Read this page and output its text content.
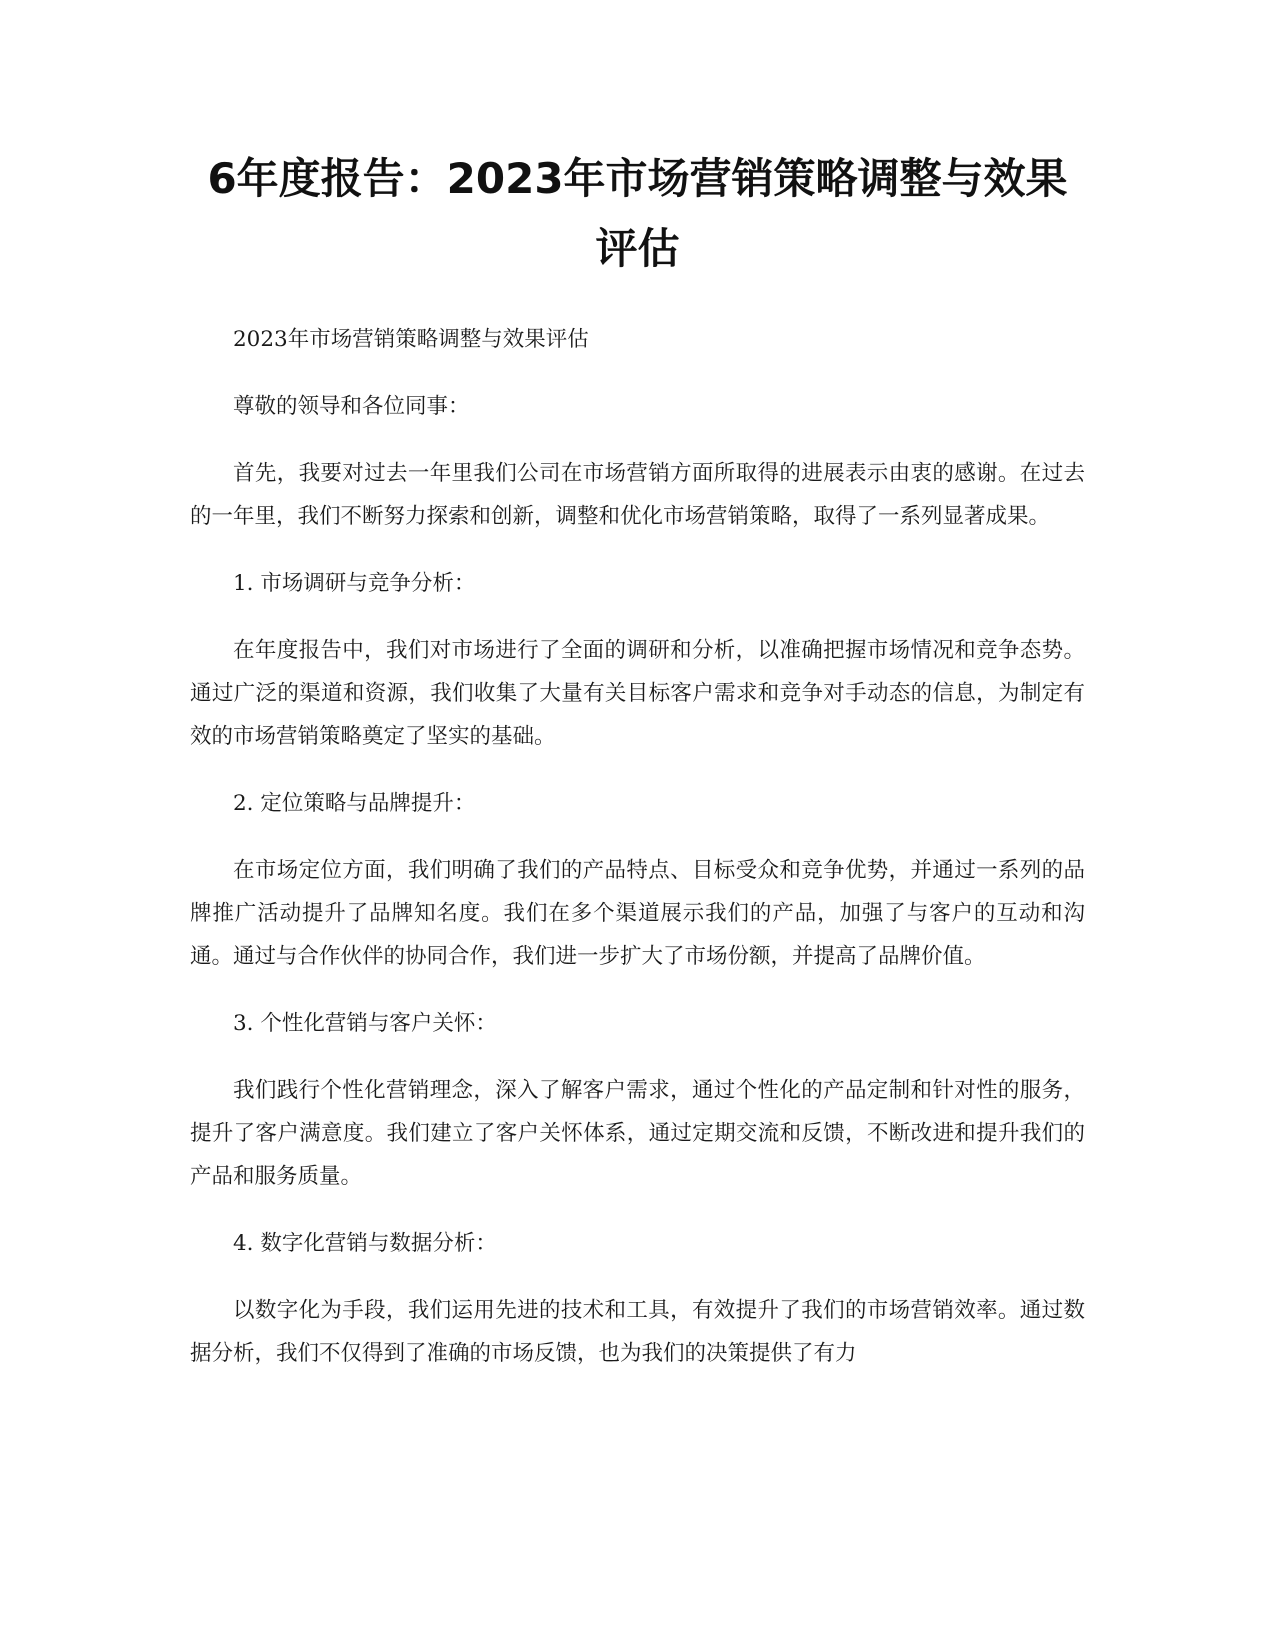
6年度报告：2023年市场营销策略调整与效果评估

2023年市场营销策略调整与效果评估

尊敬的领导和各位同事：

首先，我要对过去一年里我们公司在市场营销方面所取得的进展表示由衷的感谢。在过去的一年里，我们不断努力探索和创新，调整和优化市场营销策略，取得了一系列显著成果。

1. 市场调研与竞争分析：

在年度报告中，我们对市场进行了全面的调研和分析，以准确把握市场情况和竞争态势。通过广泛的渠道和资源，我们收集了大量有关目标客户需求和竞争对手动态的信息，为制定有效的市场营销策略奠定了坚实的基础。

2. 定位策略与品牌提升：

在市场定位方面，我们明确了我们的产品特点、目标受众和竞争优势，并通过一系列的品牌推广活动提升了品牌知名度。我们在多个渠道展示我们的产品，加强了与客户的互动和沟通。通过与合作伙伴的协同合作，我们进一步扩大了市场份额，并提高了品牌价值。

3. 个性化营销与客户关怀：

我们践行个性化营销理念，深入了解客户需求，通过个性化的产品定制和针对性的服务，提升了客户满意度。我们建立了客户关怀体系，通过定期交流和反馈，不断改进和提升我们的产品和服务质量。

4. 数字化营销与数据分析：

以数字化为手段，我们运用先进的技术和工具，有效提升了我们的市场营销效率。通过数据分析，我们不仅得到了准确的市场反馈，也为我们的决策提供了有力
